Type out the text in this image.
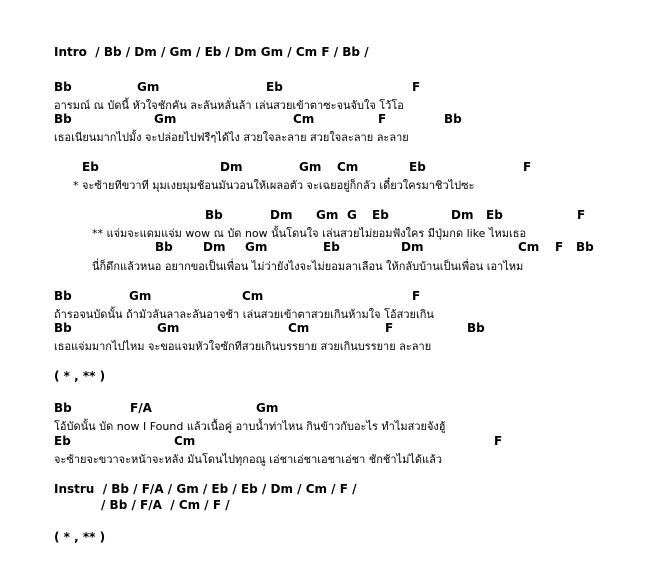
Intro  / Bb / Dm / Gm / Eb / Dm Gm / Cm F / Bb /
Bb	Gm	Eb	F
อารมณ์ ณ บัดนี้ หัวใจชักคัน ละลันหลั่นล้า เล่นสวยเข้าตาซะจนจับใจ โว้โอ
Bb	Gm	Cm	F	Bb
เธอเนียนมากไปมั้ง จะปล่อยไปฟรีๆได้ไง สวยใจละลาย สวยใจละลาย ละลาย
Eb	Dm	Gm Cm	Eb	F
* จะซ้ายทีขวาที มุมเงยมุมช้อนมันวอนให้เผลอตัว จะเฉยอยู่ก็กลัว เดี๋ยวใครมาชิวไปซะ
Bb	Dm Gm G Eb	Dm Eb	F
** แจ่มจะแดมแจ่ม wow ณ บัด now นั้นโดนใจ เล่นสวยไม่ยอมฟังใคร มีปุ่มกด like ไหมเธอ
Bb	Dm Gm	Eb	Dm	Cm F Bb
นี่ก็ดึกแล้วหนอ อยากขอเป็นเพื่อน ไม่ว่ายังไงจะไม่ยอมลาเลือน ให้กลับบ้านเป็นเพื่อน เอาไหม
Bb	Gm	Cm	F
ถ้ารอจนบัดนั้น ถ้ามัวลันลาละลันอาจช้า เล่นสวยเข้าตาสวยเกินห้ามใจ โอ้สวยเกิน
Bb	Gm	Cm	F	Bb
เธอแจ่มมากไปไหม จะขอแจมหัวใจซักทีสวยเกินบรรยาย สวยเกินบรรยาย ละลาย
( * , ** )
Bb	F/A	Gm
โอ้บัดนั้น บัด now I Found แล้วเนื้อคู่ อาบน้ำท่าไหน กินข้าวกับอะไร ทำไมสวยจังฮู้
Eb	Cm	F
จะซ้ายจะขวาจะหน้าจะหลัง มันโดนไปทุกอณู เอ่ชาเอ่ชาเอชาเอ่ชา ชักช้าไม่ได้แล้ว
Instru  / Bb / F/A / Gm / Eb / Eb / Dm / Cm / F /
/ Bb / F/A  / Cm / F /
( * , ** )
